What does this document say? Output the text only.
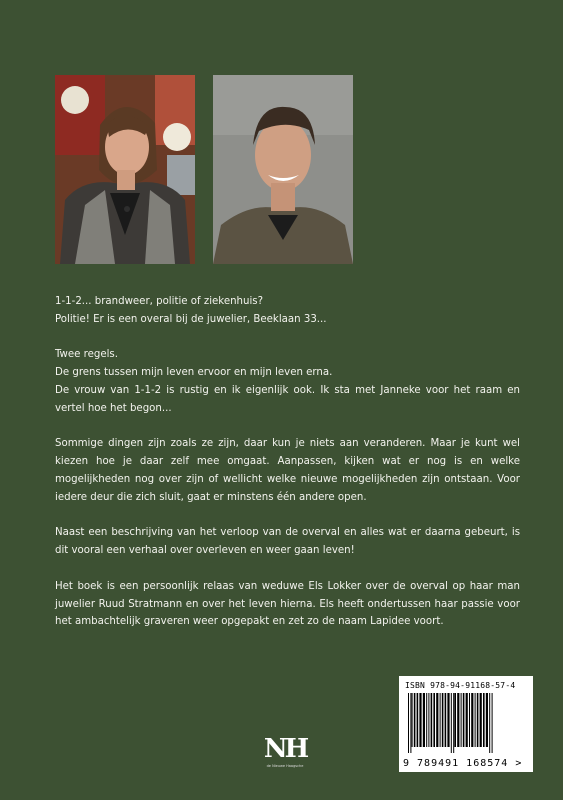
1-1-2... brandweer, politie of ziekenhuis?
Politie! Er is een overal bij de juwelier, Beeklaan 33...

Twee regels.
De grens tussen mijn leven ervoor en mijn leven erna.
De vrouw van 1-1-2 is rustig en ik eigenlijk ook. Ik sta met Janneke voor het raam en vertel hoe het begon...

Sommige dingen zijn zoals ze zijn, daar kun je niets aan veranderen. Maar je kunt wel kiezen hoe je daar zelf mee omgaat. Aanpassen, kijken wat er nog is en welke mogelijkheden nog over zijn of wellicht welke nieuwe mogelijkheden zijn ontstaan. Voor iedere deur die zich sluit, gaat er minstens één andere open.

Naast een beschrijving van het verloop van de overval en alles wat er daarna gebeurt, is dit vooral een verhaal over overleven en weer gaan leven!

Het boek is een persoonlijk relaas van weduwe Els Lokker over de overval op haar man juwelier Ruud Stratmann en over het leven hierna. Els heeft ondertussen haar passie voor het ambachtelijk graveren weer opgepakt en zet zo de naam Lapidee voort.

ISBN 978-94-91168-57-4
9 789491 168574 >
NH
de Nieuwe Haagsche
